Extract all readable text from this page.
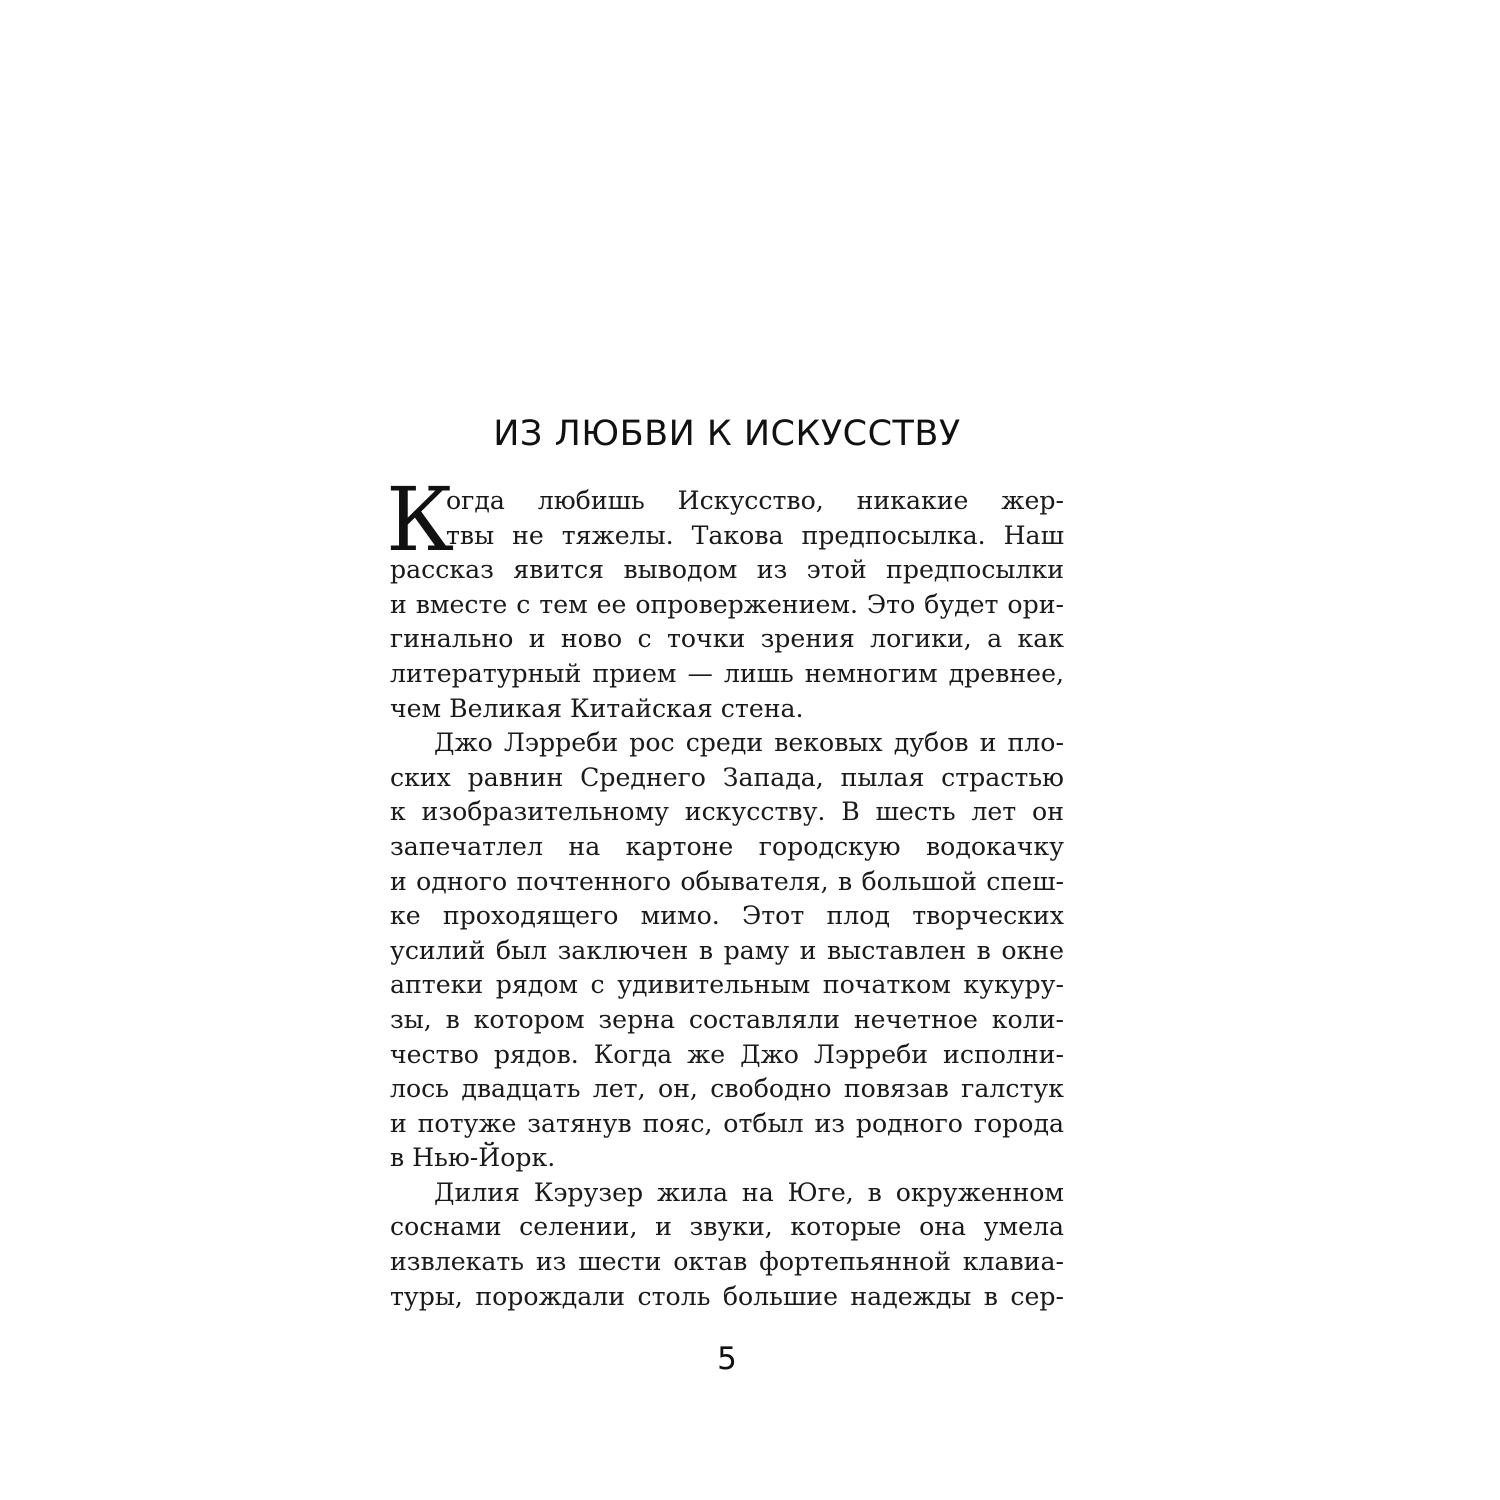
ИЗ ЛЮБВИ К ИСКУССТВУ
К
огда любишь Искусство, никакие жер-
твы не тяжелы. Такова предпосылка. Наш
рассказ явится выводом из этой предпосылки
и вместе с тем ее опровержением. Это будет ори-
гинально и ново с точки зрения логики, а как
литературный прием — лишь немногим древнее,
чем Великая Китайская стена.
Джо Лэрреби рос среди вековых дубов и пло-
ских равнин Среднего Запада, пылая страстью
к изобразительному искусству. В шесть лет он
запечатлел на картоне городскую водокачку
и одного почтенного обывателя, в большой спеш-
ке проходящего мимо. Этот плод творческих
усилий был заключен в раму и выставлен в окне
аптеки рядом с удивительным початком кукуру-
зы, в котором зерна составляли нечетное коли-
чество рядов. Когда же Джо Лэрреби исполни-
лось двадцать лет, он, свободно повязав галстук
и потуже затянув пояс, отбыл из родного города
в Нью-Йорк.
Дилия Кэрузер жила на Юге, в окруженном
соснами селении, и звуки, которые она умела
извлекать из шести октав фортепьянной клавиа-
туры, порождали столь большие надежды в сер-
5
